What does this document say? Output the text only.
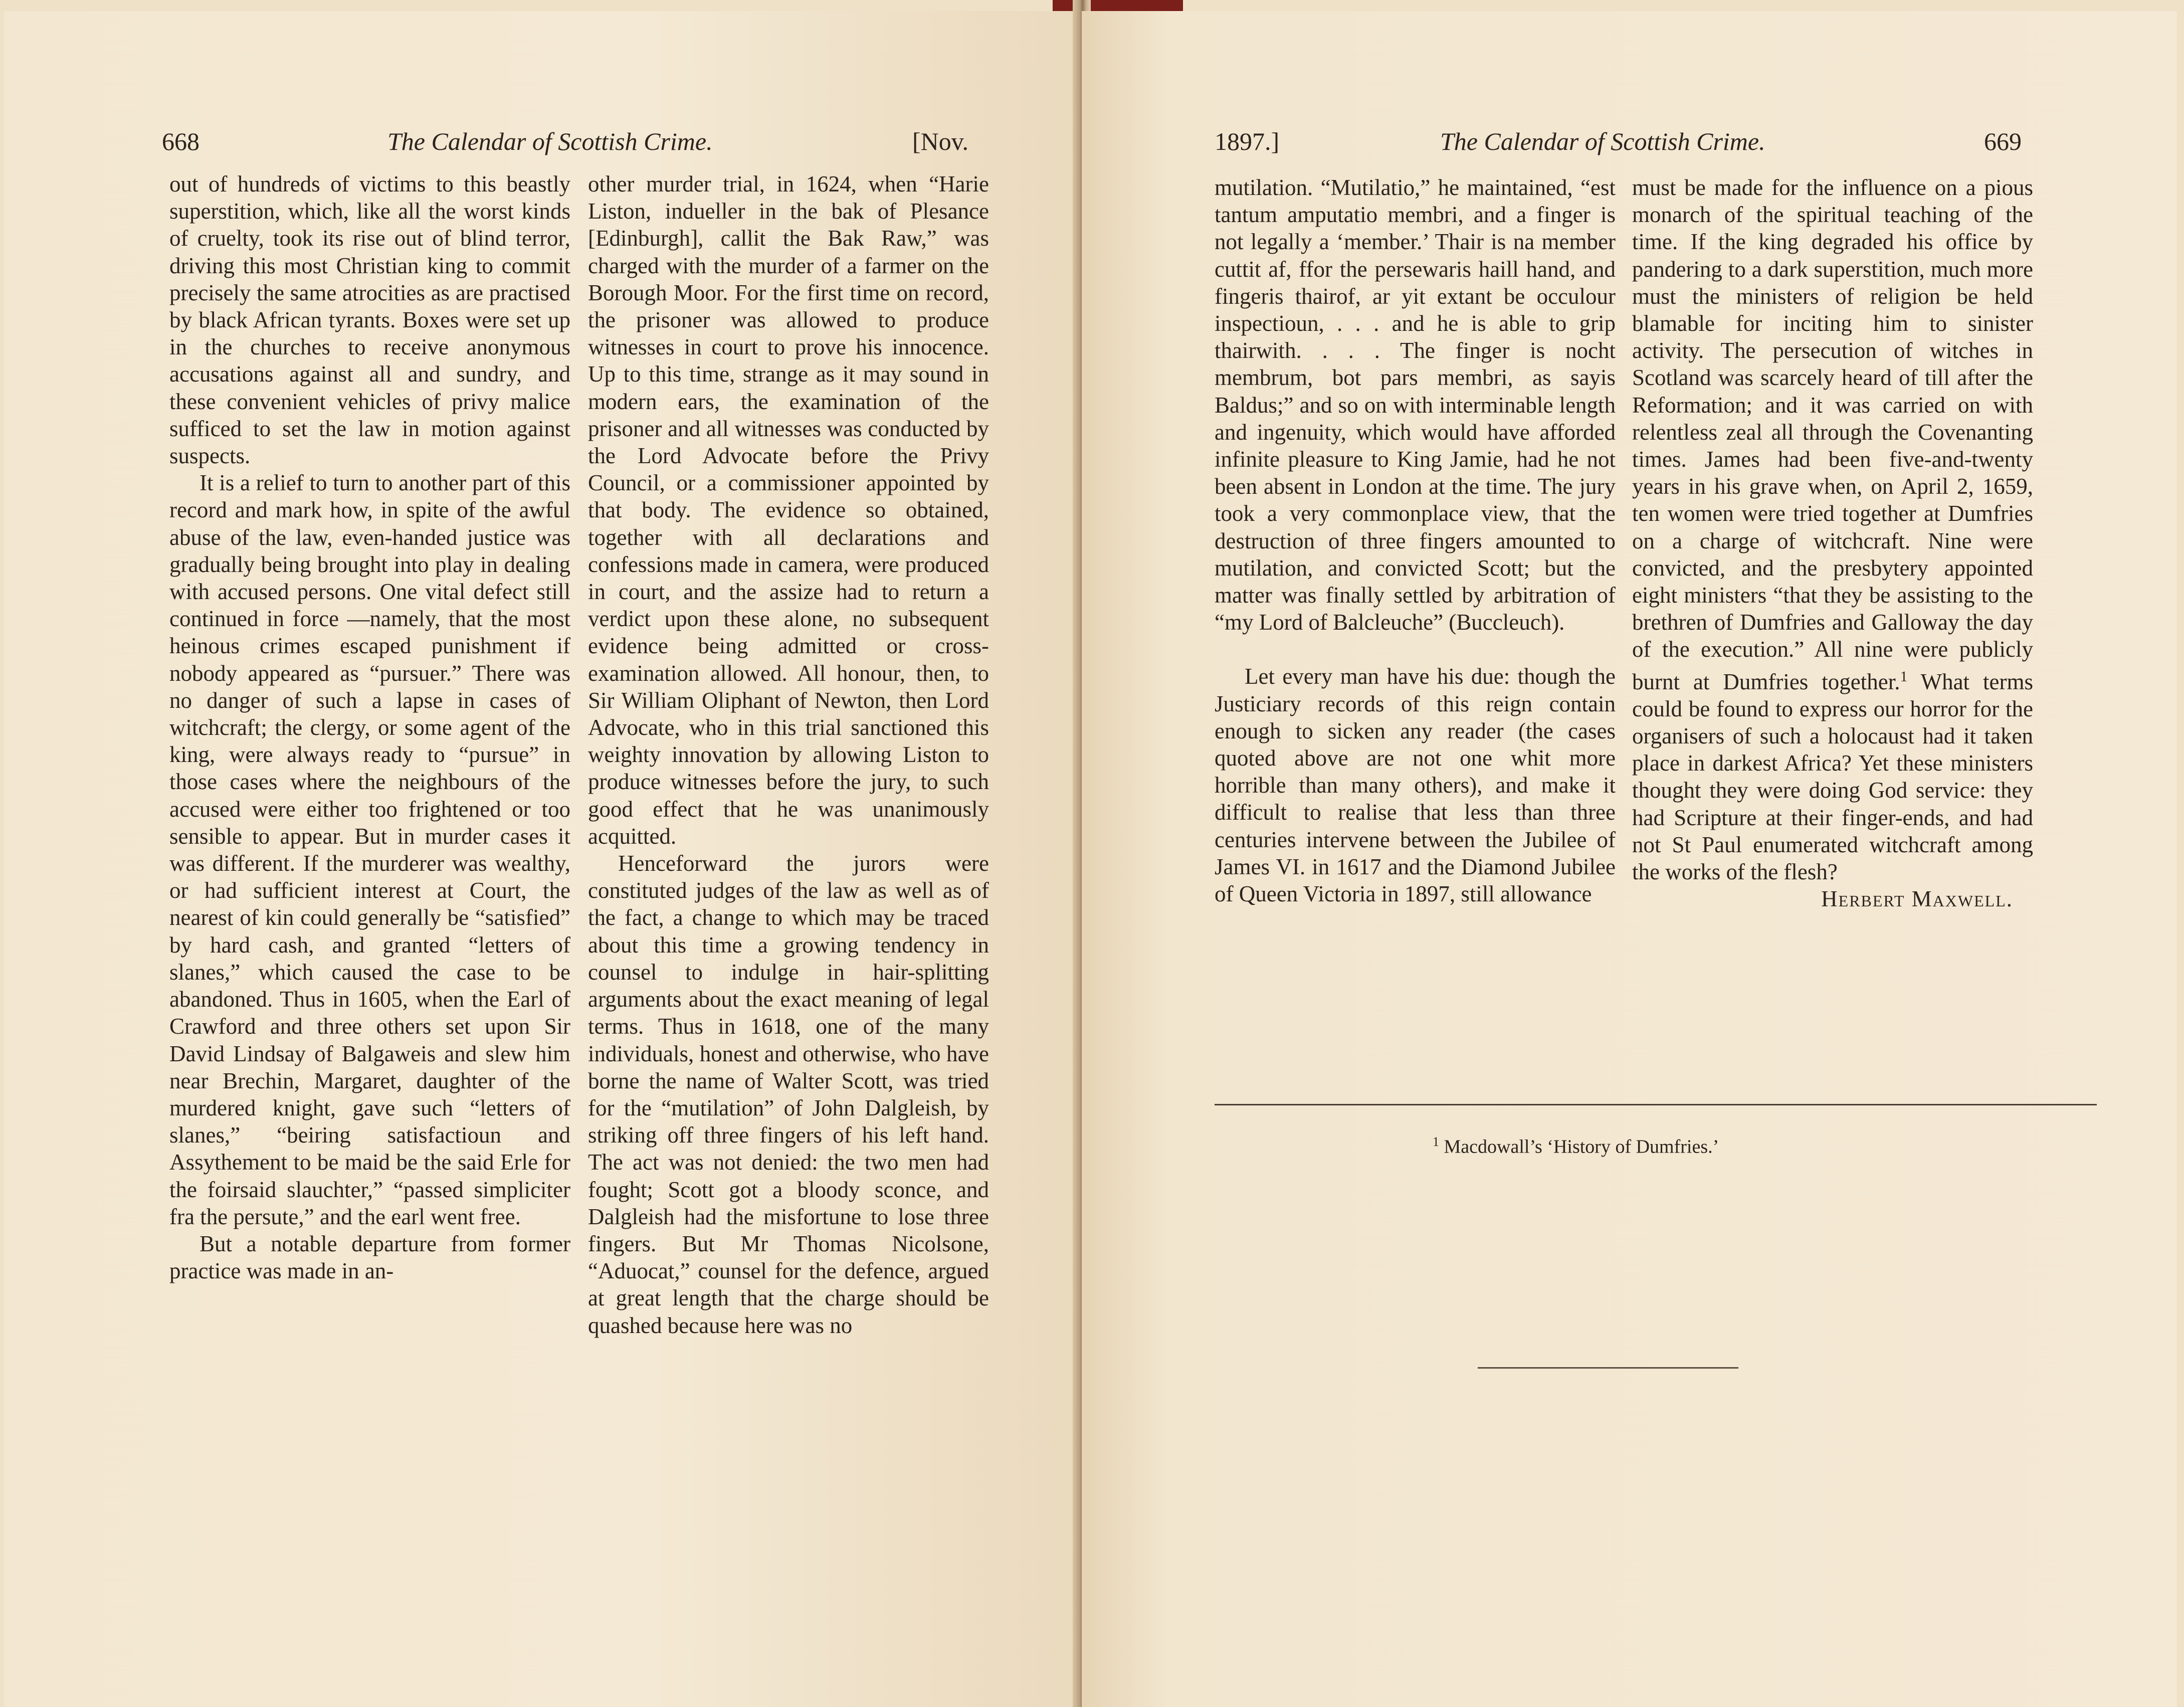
668	The Calendar of Scottish Crime.	[Nov.

out of hundreds of victims to this beastly superstition, which, like all the worst kinds of cruelty, took its rise out of blind terror, driving this most Christian king to commit precisely the same atrocities as are practised by black African tyrants. Boxes were set up in the churches to receive anonymous accusations against all and sundry, and these convenient vehicles of privy malice sufficed to set the law in motion against suspects.

It is a relief to turn to another part of this record and mark how, in spite of the awful abuse of the law, even-handed justice was gradually being brought into play in dealing with accused persons. One vital defect still continued in force —namely, that the most heinous crimes escaped punishment if nobody appeared as “pursuer.” There was no danger of such a lapse in cases of witchcraft; the clergy, or some agent of the king, were always ready to “pursue” in those cases where the neighbours of the accused were either too frightened or too sensible to appear. But in murder cases it was different. If the murderer was wealthy, or had sufficient interest at Court, the nearest of kin could generally be “satisfied” by hard cash, and granted “letters of slanes,” which caused the case to be abandoned. Thus in 1605, when the Earl of Crawford and three others set upon Sir David Lindsay of Balgaweis and slew him near Brechin, Margaret, daughter of the murdered knight, gave such “letters of slanes,” “beiring satisfactioun and Assythement to be maid be the said Erle for the foirsaid slauchter,” “passed simpliciter fra the persute,” and the earl went free.

But a notable departure from former practice was made in an-

other murder trial, in 1624, when “Harie Liston, indueller in the bak of Plesance [Edinburgh], callit the Bak Raw,” was charged with the murder of a farmer on the Borough Moor. For the first time on record, the prisoner was allowed to produce witnesses in court to prove his innocence. Up to this time, strange as it may sound in modern ears, the examination of the prisoner and all witnesses was conducted by the Lord Advocate before the Privy Council, or a commissioner appointed by that body. The evidence so obtained, together with all declarations and confessions made in camera, were produced in court, and the assize had to return a verdict upon these alone, no subsequent evidence being admitted or cross-examination allowed. All honour, then, to Sir William Oliphant of Newton, then Lord Advocate, who in this trial sanctioned this weighty innovation by allowing Liston to produce witnesses before the jury, to such good effect that he was unanimously acquitted.

Henceforward the jurors were constituted judges of the law as well as of the fact, a change to which may be traced about this time a growing tendency in counsel to indulge in hair-splitting arguments about the exact meaning of legal terms. Thus in 1618, one of the many individuals, honest and otherwise, who have borne the name of Walter Scott, was tried for the “mutilation” of John Dalgleish, by striking off three fingers of his left hand. The act was not denied: the two men had fought; Scott got a bloody sconce, and Dalgleish had the misfortune to lose three fingers. But Mr Thomas Nicolsone, “Aduocat,” counsel for the defence, argued at great length that the charge should be quashed because here was no

1897.]	The Calendar of Scottish Crime.	669

mutilation. “Mutilatio,” he maintained, “est tantum amputatio membri, and a finger is not legally a ‘member.’ Thair is na member cuttit af, ffor the persewaris haill hand, and fingeris thairof, ar yit extant be occulour inspectioun, . . . and he is able to grip thairwith. . . . The finger is nocht membrum, bot pars membri, as sayis Baldus;” and so on with interminable length and ingenuity, which would have afforded infinite pleasure to King Jamie, had he not been absent in London at the time. The jury took a very commonplace view, that the destruction of three fingers amounted to mutilation, and convicted Scott; but the matter was finally settled by arbitration of “my Lord of Balcleuche” (Buccleuch).

Let every man have his due: though the Justiciary records of this reign contain enough to sicken any reader (the cases quoted above are not one whit more horrible than many others), and make it difficult to realise that less than three centuries intervene between the Jubilee of James VI. in 1617 and the Diamond Jubilee of Queen Victoria in 1897, still allowance

must be made for the influence on a pious monarch of the spiritual teaching of the time. If the king degraded his office by pandering to a dark superstition, much more must the ministers of religion be held blamable for inciting him to sinister activity. The persecution of witches in Scotland was scarcely heard of till after the Reformation; and it was carried on with relentless zeal all through the Covenanting times. James had been five-and-twenty years in his grave when, on April 2, 1659, ten women were tried together at Dumfries on a charge of witchcraft. Nine were convicted, and the presbytery appointed eight ministers “that they be assisting to the brethren of Dumfries and Galloway the day of the execution.” All nine were publicly burnt at Dumfries together.$^1$ What terms could be found to express our horror for the organisers of such a holocaust had it taken place in darkest Africa? Yet these ministers thought they were doing God service: they had Scripture at their finger-ends, and had not St Paul enumerated witchcraft among the works of the flesh?

Herbert Maxwell.

$^1$ Macdowall’s ‘History of Dumfries.’
